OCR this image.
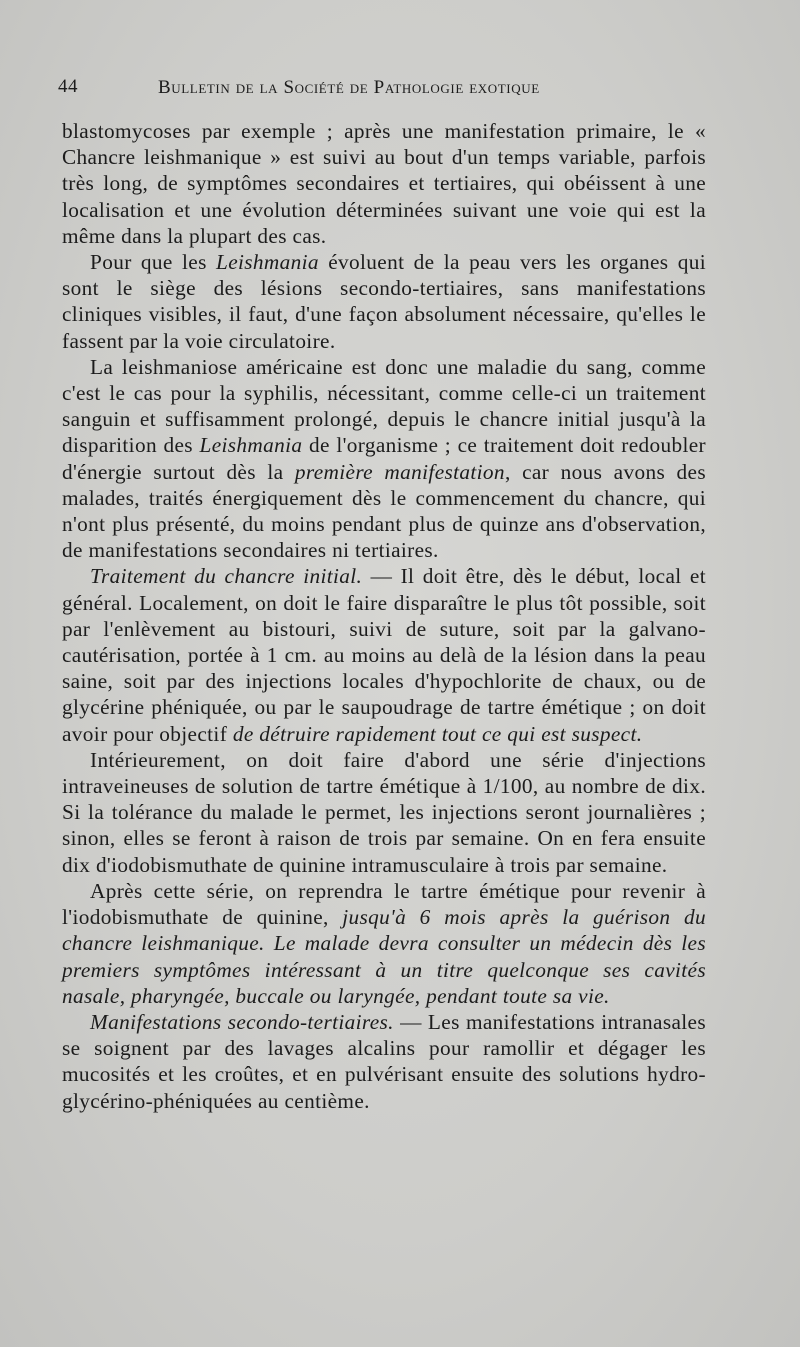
44	Bulletin de la Société de Pathologie exotique

blastomycoses par exemple ; après une manifestation primaire, le « Chancre leishmanique » est suivi au bout d'un temps variable, parfois très long, de symptômes secondaires et tertiaires, qui obéissent à une localisation et une évolution déterminées suivant une voie qui est la même dans la plupart des cas.

Pour que les Leishmania évoluent de la peau vers les organes qui sont le siège des lésions secondo-tertiaires, sans manifestations cliniques visibles, il faut, d'une façon absolument nécessaire, qu'elles le fassent par la voie circulatoire.

La leishmaniose américaine est donc une maladie du sang, comme c'est le cas pour la syphilis, nécessitant, comme celle-ci un traitement sanguin et suffisamment prolongé, depuis le chancre initial jusqu'à la disparition des Leishmania de l'organisme ; ce traitement doit redoubler d'énergie surtout dès la première manifestation, car nous avons des malades, traités énergiquement dès le commencement du chancre, qui n'ont plus présenté, du moins pendant plus de quinze ans d'observation, de manifestations secondaires ni tertiaires.

Traitement du chancre initial. — Il doit être, dès le début, local et général. Localement, on doit le faire disparaître le plus tôt possible, soit par l'enlèvement au bistouri, suivi de suture, soit par la galvano-cautérisation, portée à 1 cm. au moins au delà de la lésion dans la peau saine, soit par des injections locales d'hypochlorite de chaux, ou de glycérine phéniquée, ou par le saupoudrage de tartre émétique ; on doit avoir pour objectif de détruire rapidement tout ce qui est suspect.

Intérieurement, on doit faire d'abord une série d'injections intraveineuses de solution de tartre émétique à 1/100, au nombre de dix. Si la tolérance du malade le permet, les injections seront journalières ; sinon, elles se feront à raison de trois par semaine. On en fera ensuite dix d'iodobismuthate de quinine intramusculaire à trois par semaine.

Après cette série, on reprendra le tartre émétique pour revenir à l'iodobismuthate de quinine, jusqu'à 6 mois après la guérison du chancre leishmanique. Le malade devra consulter un médecin dès les premiers symptômes intéressant à un titre quelconque ses cavités nasale, pharyngée, buccale ou laryngée, pendant toute sa vie.

Manifestations secondo-tertiaires. — Les manifestations intranasales se soignent par des lavages alcalins pour ramollir et dégager les mucosités et les croûtes, et en pulvérisant ensuite des solutions hydro-glycérino-phéniquées au centième.
